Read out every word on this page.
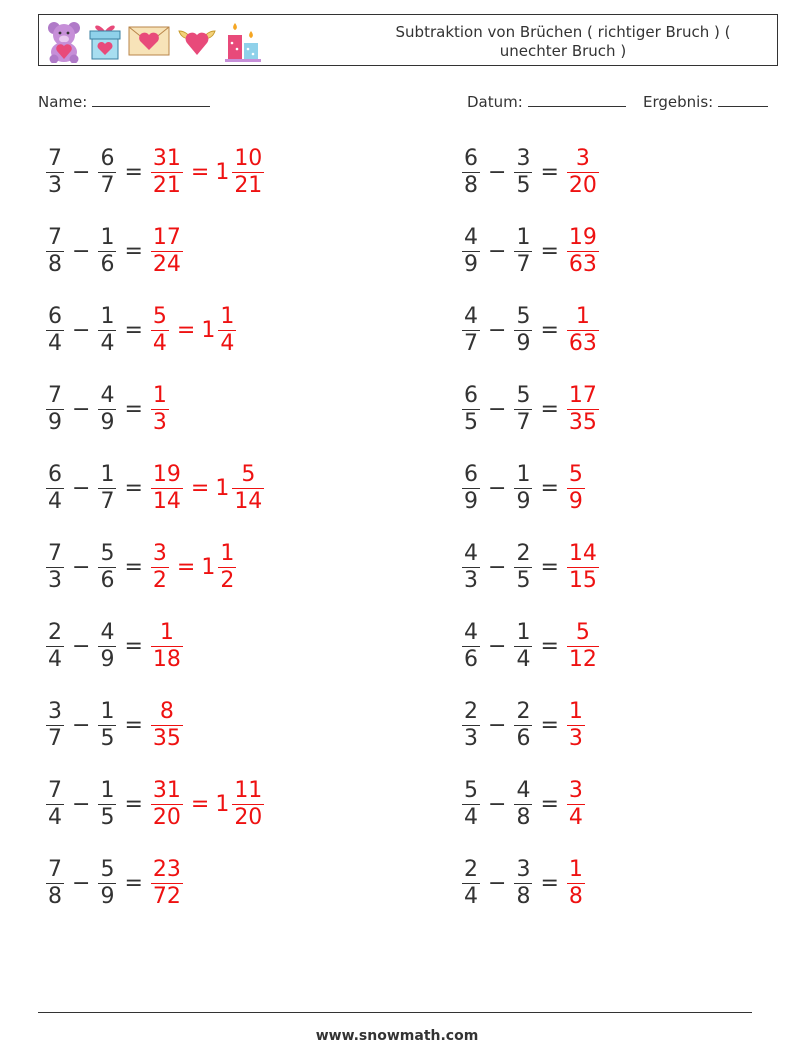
Subtraktion von Brüchen ( richtiger Bruch ) ( unechter Bruch )
Name:	Datum:	Ergebnis:
$\frac{7}{3} - \frac{6}{7} = \frac{31}{21} = 1 \frac{10}{21}$	$\frac{6}{8} - \frac{3}{5} = \frac{3}{20}$
$\frac{7}{8} - \frac{1}{6} = \frac{17}{24}$	$\frac{4}{9} - \frac{1}{7} = \frac{19}{63}$
$\frac{6}{4} - \frac{1}{4} = \frac{5}{4} = 1 \frac{1}{4}$	$\frac{4}{7} - \frac{5}{9} = \frac{1}{63}$
$\frac{7}{9} - \frac{4}{9} = \frac{1}{3}$	$\frac{6}{5} - \frac{5}{7} = \frac{17}{35}$
$\frac{6}{4} - \frac{1}{7} = \frac{19}{14} = 1 \frac{5}{14}$	$\frac{6}{9} - \frac{1}{9} = \frac{5}{9}$
$\frac{7}{3} - \frac{5}{6} = \frac{3}{2} = 1 \frac{1}{2}$	$\frac{4}{3} - \frac{2}{5} = \frac{14}{15}$
$\frac{2}{4} - \frac{4}{9} = \frac{1}{18}$	$\frac{4}{6} - \frac{1}{4} = \frac{5}{12}$
$\frac{3}{7} - \frac{1}{5} = \frac{8}{35}$	$\frac{2}{3} - \frac{2}{6} = \frac{1}{3}$
$\frac{7}{4} - \frac{1}{5} = \frac{31}{20} = 1 \frac{11}{20}$	$\frac{5}{4} - \frac{4}{8} = \frac{3}{4}$
$\frac{7}{8} - \frac{5}{9} = \frac{23}{72}$	$\frac{2}{4} - \frac{3}{8} = \frac{1}{8}$
www.snowmath.com
